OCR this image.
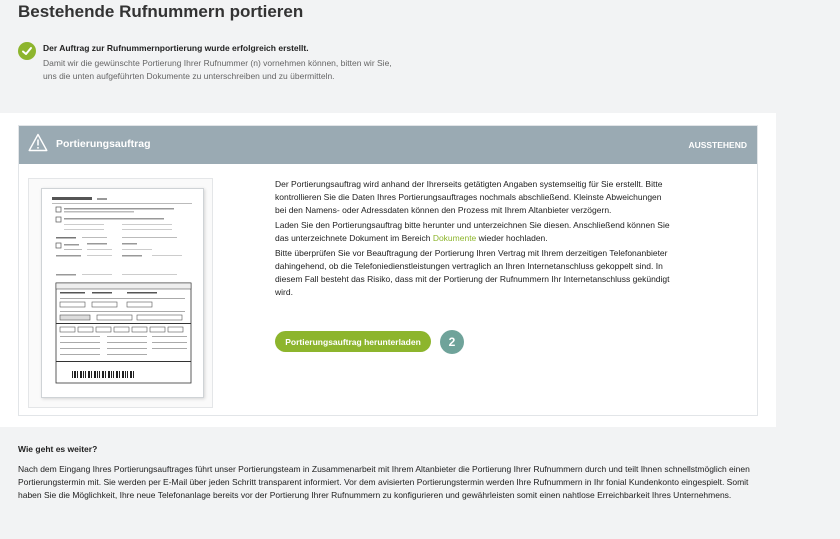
Bestehende Rufnummern portieren
Der Auftrag zur Rufnummernportierung wurde erfolgreich erstellt.
Damit wir die gewünschte Portierung Ihrer Rufnummer (n) vornehmen können, bitten wir Sie,
uns die unten aufgeführten Dokumente zu unterschreiben und zu übermitteln.
Portierungsauftrag	AUSSTEHEND

Der Portierungsauftrag wird anhand der Ihrerseits getätigten Angaben systemseitig für Sie erstellt. Bitte kontrollieren Sie die Daten Ihres Portierungsauftrages nochmals abschließend. Kleinste Abweichungen bei den Namens- oder Adressdaten können den Prozess mit Ihrem Altanbieter verzögern.

Laden Sie den Portierungsauftrag bitte herunter und unterzeichnen Sie diesen. Anschließend können Sie das unterzeichnete Dokument im Bereich Dokumente wieder hochladen.

Bitte überprüfen Sie vor Beauftragung der Portierung Ihren Vertrag mit Ihrem derzeitigen Telefonanbieter dahingehend, ob die Telefoniedienstleistungen vertraglich an Ihren Internetanschluss gekoppelt sind. In diesem Fall besteht das Risiko, dass mit der Portierung der Rufnummern Ihr Internetanschluss gekündigt wird.

Portierungsauftrag herunterladen	2
Wie geht es weiter?
Nach dem Eingang Ihres Portierungsauftrages führt unser Portierungsteam in Zusammenarbeit mit Ihrem Altanbieter die Portierung Ihrer Rufnummern durch und teilt Ihnen schnellstmöglich einen Portierungstermin mit. Sie werden per E-Mail über jeden Schritt transparent informiert. Vor dem avisierten Portierungstermin werden Ihre Rufnummern in Ihr fonial Kundenkonto eingespielt. Somit haben Sie die Möglichkeit, Ihre neue Telefonanlage bereits vor der Portierung Ihrer Rufnummern zu konfigurieren und gewährleisten somit einen nahtlose Erreichbarkeit Ihres Unternehmens.
